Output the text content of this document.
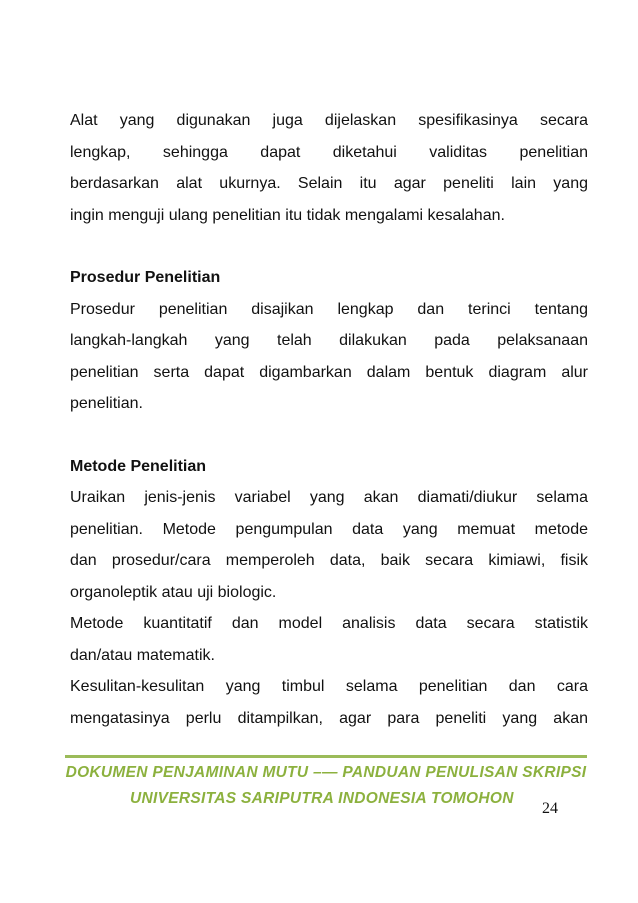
Alat yang digunakan juga dijelaskan spesifikasinya secara
lengkap, sehingga dapat diketahui validitas penelitian
berdasarkan alat ukurnya. Selain itu agar peneliti lain yang
ingin menguji ulang penelitian itu tidak mengalami kesalahan.

Prosedur Penelitian

Prosedur penelitian disajikan lengkap dan terinci tentang
langkah-langkah yang telah dilakukan pada pelaksanaan
penelitian serta dapat digambarkan dalam bentuk diagram alur
penelitian.

Metode Penelitian

Uraikan jenis-jenis variabel yang akan diamati/diukur selama
penelitian. Metode pengumpulan data yang memuat metode
dan prosedur/cara memperoleh data, baik secara kimiawi, fisik
organoleptik atau uji biologic.

Metode kuantitatif dan model analisis data secara statistik
dan/atau matematik.

Kesulitan-kesulitan yang timbul selama penelitian dan cara
mengatasinya perlu ditampilkan, agar para peneliti yang akan

DOKUMEN PENJAMINAN MUTU –— PANDUAN PENULISAN SKRIPSI
UNIVERSITAS SARIPUTRA INDONESIA TOMOHON
24
